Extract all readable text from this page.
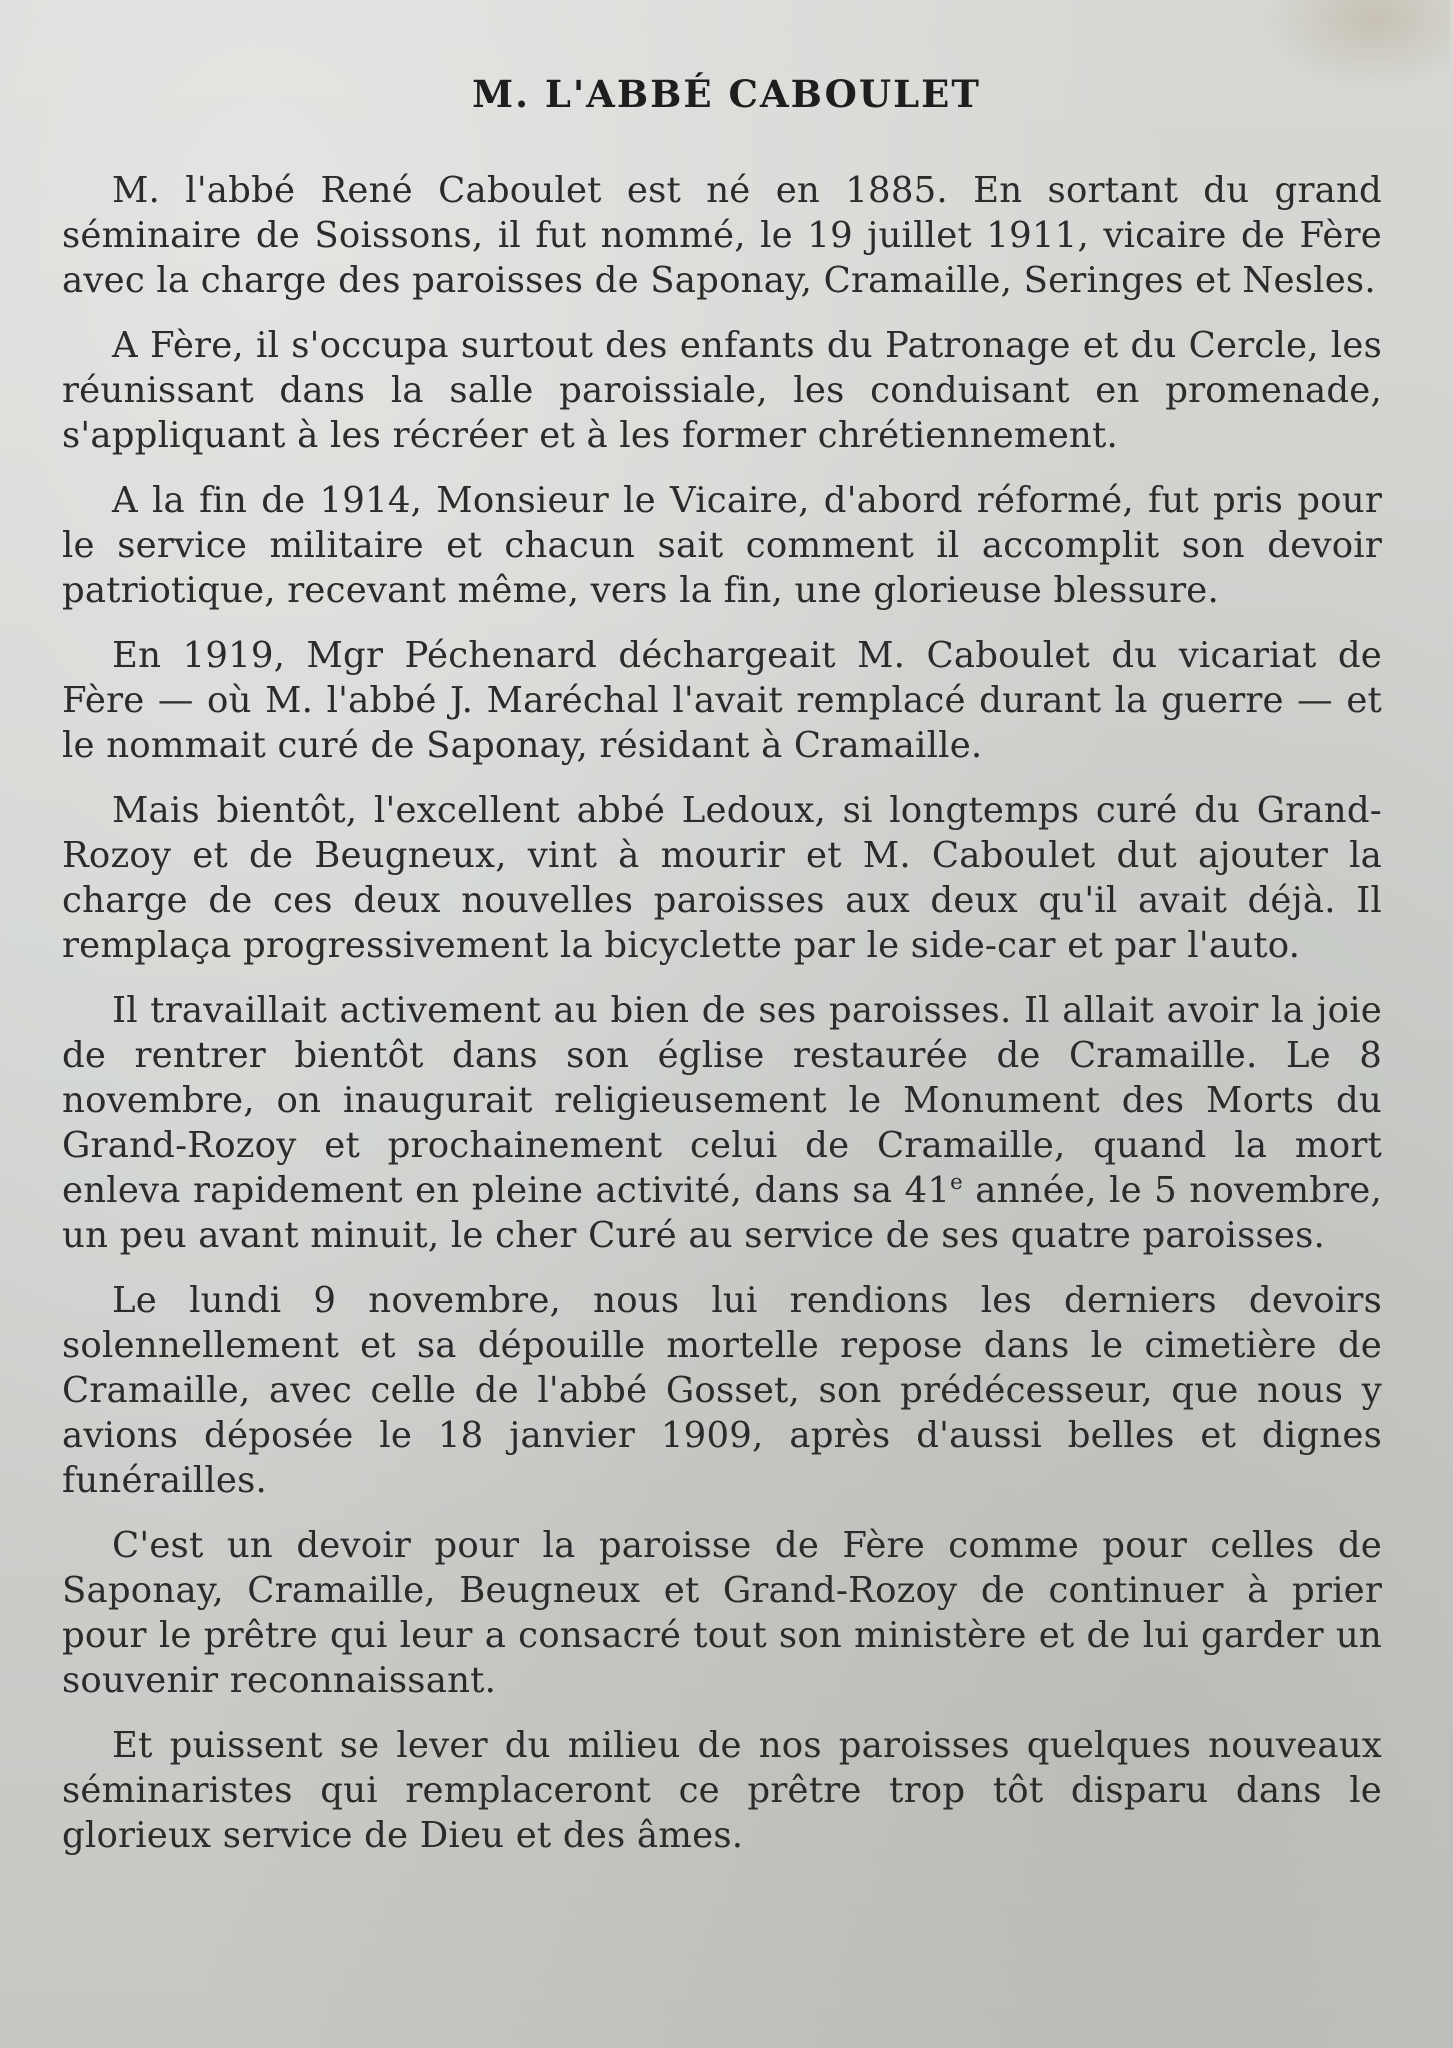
M. L'ABBÉ CABOULET

M. l'abbé René Caboulet est né en 1885. En sortant du grand séminaire de Soissons, il fut nommé, le 19 juillet 1911, vicaire de Fère avec la charge des paroisses de Saponay, Cramaille, Seringes et Nesles.

A Fère, il s'occupa surtout des enfants du Patronage et du Cercle, les réunissant dans la salle paroissiale, les conduisant en promenade, s'appliquant à les récréer et à les former chrétiennement.

A la fin de 1914, Monsieur le Vicaire, d'abord réformé, fut pris pour le service militaire et chacun sait comment il accomplit son devoir patriotique, recevant même, vers la fin, une glorieuse blessure.

En 1919, Mgr Péchenard déchargeait M. Caboulet du vicariat de Fère — où M. l'abbé J. Maréchal l'avait remplacé durant la guerre — et le nommait curé de Saponay, résidant à Cramaille.

Mais bientôt, l'excellent abbé Ledoux, si longtemps curé du Grand-Rozoy et de Beugneux, vint à mourir et M. Caboulet dut ajouter la charge de ces deux nouvelles paroisses aux deux qu'il avait déjà. Il remplaça progressivement la bicyclette par le side-car et par l'auto.

Il travaillait activement au bien de ses paroisses. Il allait avoir la joie de rentrer bientôt dans son église restaurée de Cramaille. Le 8 novembre, on inaugurait religieusement le Monument des Morts du Grand-Rozoy et prochainement celui de Cramaille, quand la mort enleva rapidement en pleine activité, dans sa 41e année, le 5 novembre, un peu avant minuit, le cher Curé au service de ses quatre paroisses.

Le lundi 9 novembre, nous lui rendions les derniers devoirs solennellement et sa dépouille mortelle repose dans le cimetière de Cramaille, avec celle de l'abbé Gosset, son prédécesseur, que nous y avions déposée le 18 janvier 1909, après d'aussi belles et dignes funérailles.

C'est un devoir pour la paroisse de Fère comme pour celles de Saponay, Cramaille, Beugneux et Grand-Rozoy de continuer à prier pour le prêtre qui leur a consacré tout son ministère et de lui garder un souvenir reconnaissant.

Et puissent se lever du milieu de nos paroisses quelques nouveaux séminaristes qui remplaceront ce prêtre trop tôt disparu dans le glorieux service de Dieu et des âmes.
